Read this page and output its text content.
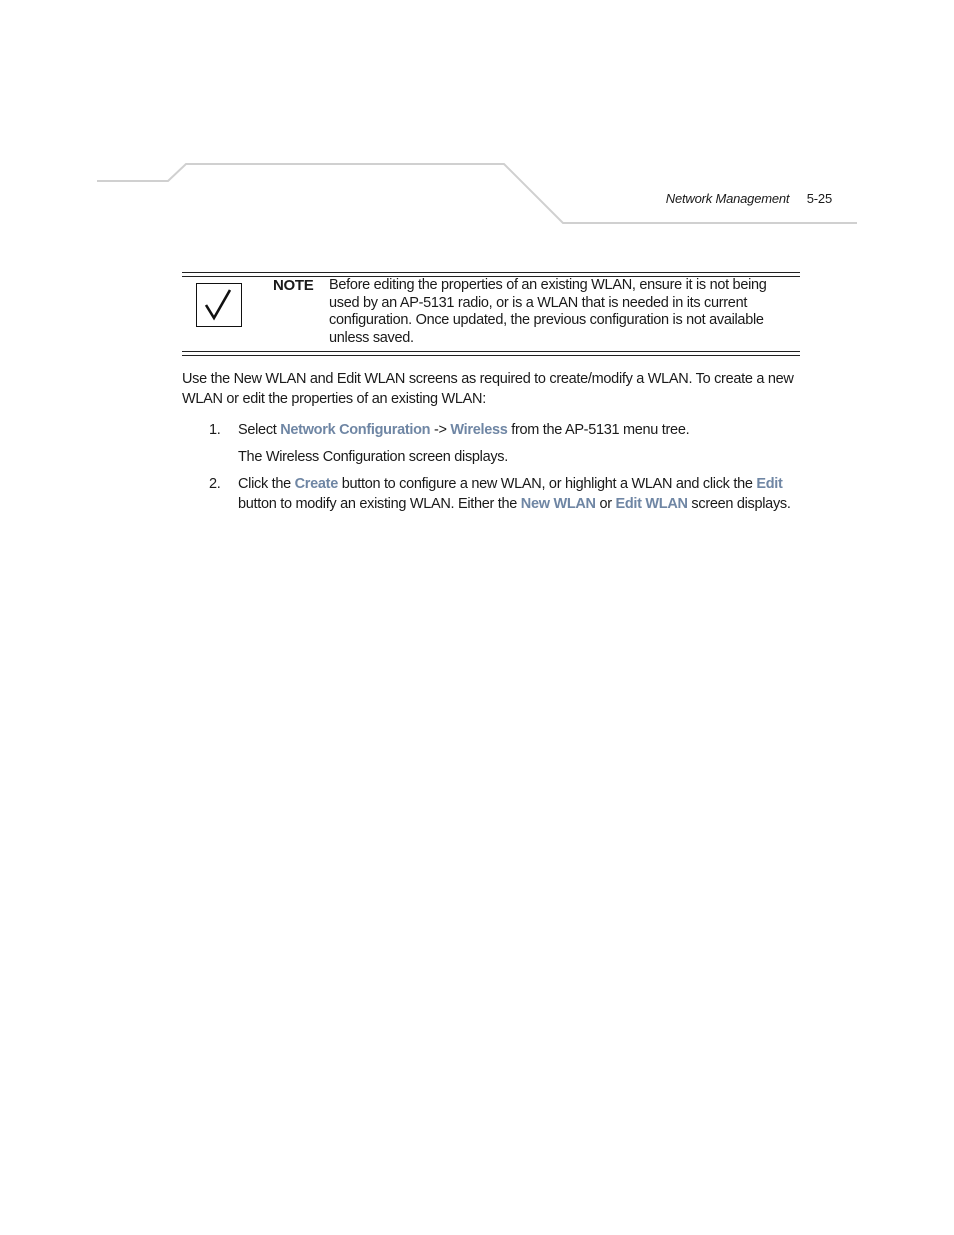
Network Management 5-25
NOTE Before editing the properties of an existing WLAN, ensure it is not being used by an AP-5131 radio, or is a WLAN that is needed in its current configuration. Once updated, the previous configuration is not available unless saved.
Use the New WLAN and Edit WLAN screens as required to create/modify a WLAN. To create a new WLAN or edit the properties of an existing WLAN:
1. Select Network Configuration -> Wireless from the AP-5131 menu tree.
The Wireless Configuration screen displays.
2. Click the Create button to configure a new WLAN, or highlight a WLAN and click the Edit button to modify an existing WLAN. Either the New WLAN or Edit WLAN screen displays.
